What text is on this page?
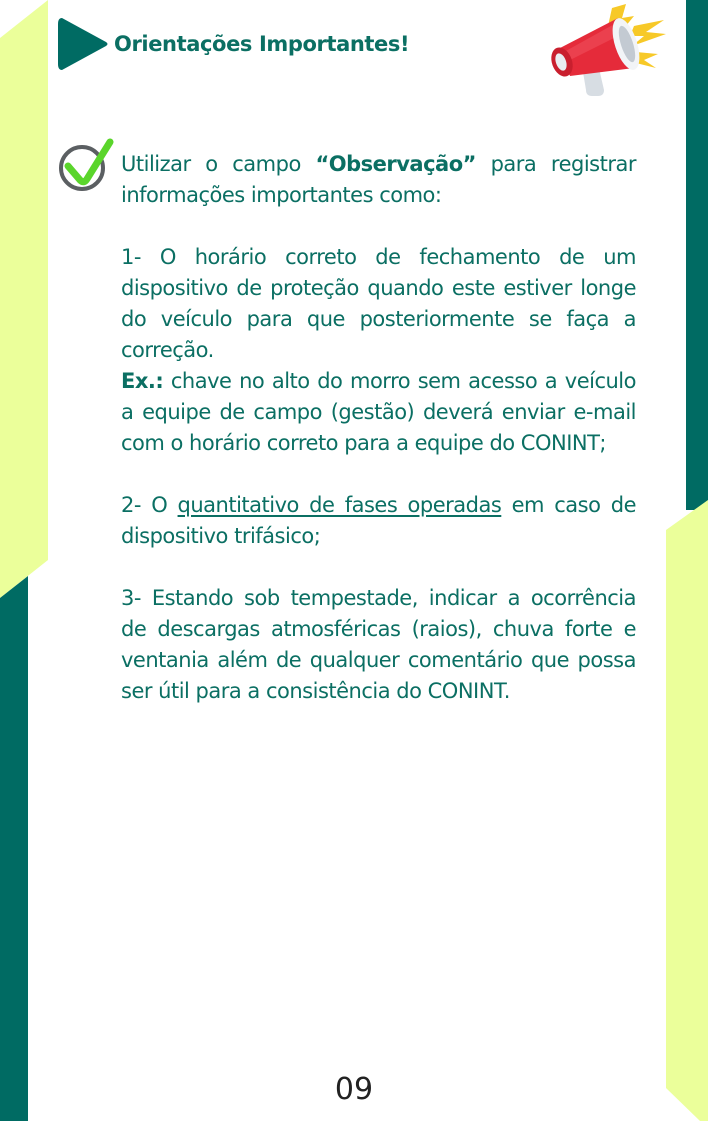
Orientações Importantes!

Utilizar o campo “Observação” para registrar informações importantes como:

1- O horário correto de fechamento de um dispositivo de proteção quando este estiver longe do veículo para que posteriormente se faça a correção.

Ex.: chave no alto do morro sem acesso a veículo      a equipe de campo (gestão) deverá enviar e-mail com o horário correto para a equipe do CONINT;

2- O quantitativo de fases operadas em caso de dispositivo trifásico;

3- Estando sob tempestade, indicar a ocorrência de descargas atmosféricas (raios), chuva forte e ventania além de qualquer comentário que possa ser útil para a consistência do CONINT.

09
